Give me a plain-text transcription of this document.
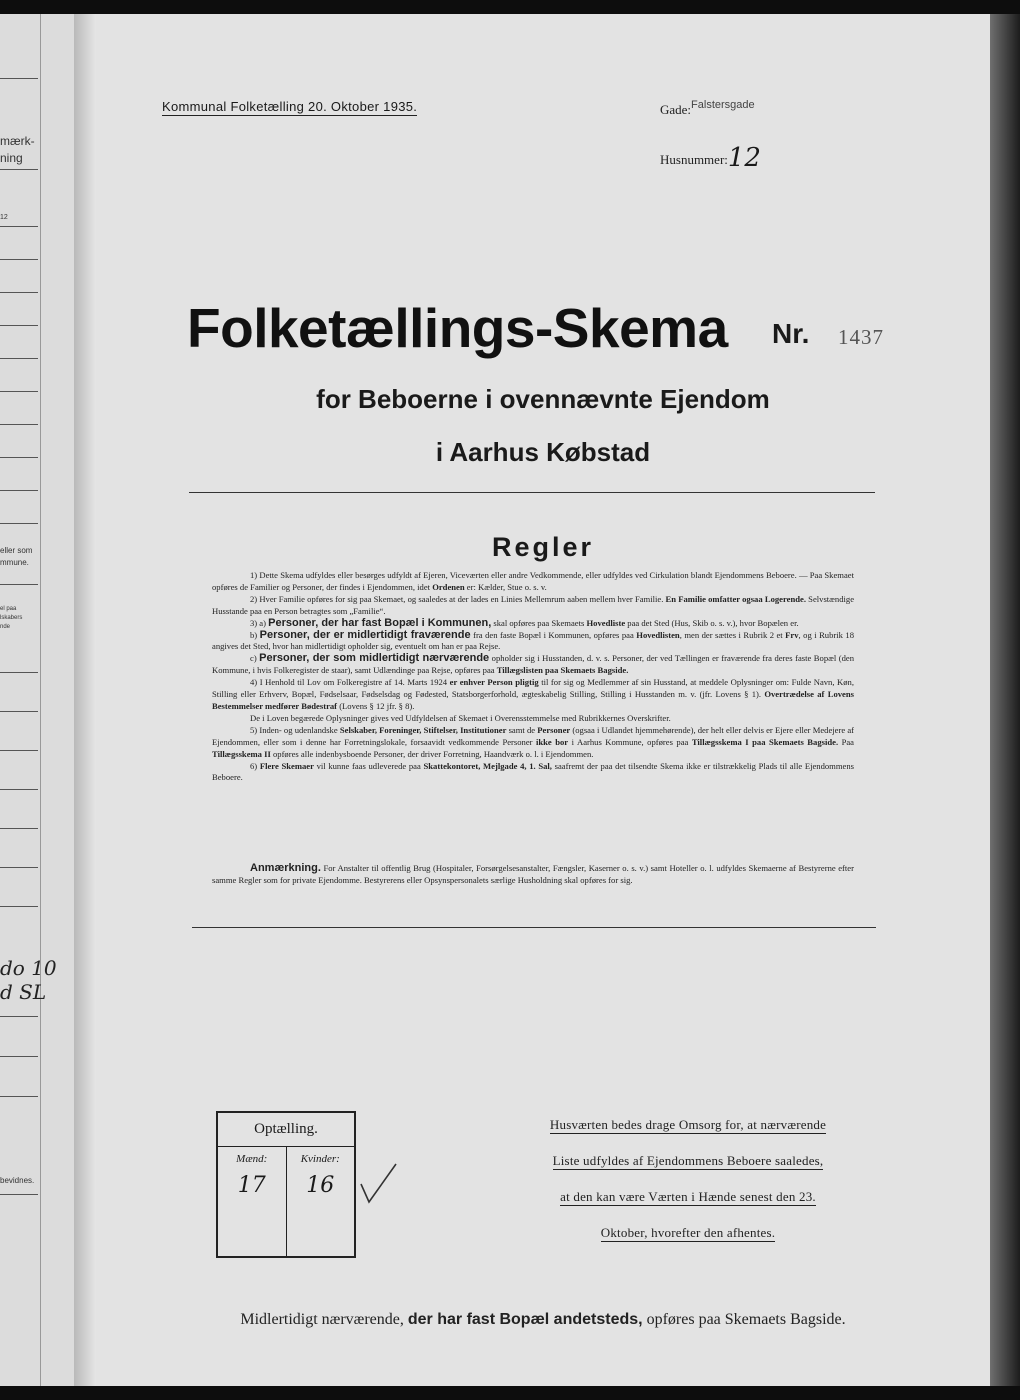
mærk-
ning
12
eller som
mmune.
el paa
lskabers
nde
do 10 d SL
bevidnes.
Kommunal Folketælling 20. Oktober 1935.	Gade:$^{Falstersgade}$
Husnummer:12
Folketællings-Skema Nr. 1437
for Beboerne i ovennævnte Ejendom
i Aarhus Købstad
Regler

1) Dette Skema udfyldes eller besørges udfyldt af Ejeren, Viceværten eller andre Vedkommende, eller udfyldes ved Cirkulation blandt Ejendommens Beboere. — Paa Skemaet opføres de Familier og Personer, der findes i Ejendommen, idet Ordenen er: Kælder, Stue o. s. v.

2) Hver Familie opføres for sig paa Skemaet, og saaledes at der lades en Linies Mellemrum aaben mellem hver Familie. En Familie omfatter ogsaa Logerende. Selvstændige Husstande paa en Person betragtes som „Familie“.

3) a) Personer, der har fast Bopæl i Kommunen, skal opføres paa Skemaets Hovedliste paa det Sted (Hus, Skib o. s. v.), hvor Bopælen er.

b) Personer, der er midlertidigt fraværende fra den faste Bopæl i Kommunen, opføres paa Hovedlisten, men der sættes i Rubrik 2 et Frv, og i Rubrik 18 angives det Sted, hvor han midlertidigt opholder sig, eventuelt om han er paa Rejse.

c) Personer, der som midlertidigt nærværende opholder sig i Husstanden, d. v. s. Personer, der ved Tællingen er fraværende fra deres faste Bopæl (den Kommune, i hvis Folkeregister de staar), samt Udlændinge paa Rejse, opføres paa Tillægslisten paa Skemaets Bagside.

4) I Henhold til Lov om Folkeregistre af 14. Marts 1924 er enhver Person pligtig til for sig og Medlemmer af sin Husstand, at meddele Oplysninger om: Fulde Navn, Køn, Stilling eller Erhverv, Bopæl, Fødselsaar, Fødselsdag og Fødested, Statsborgerforhold, ægteskabelig Stilling, Stilling i Husstanden m. v. (jfr. Lovens § 1). Overtrædelse af Lovens Bestemmelser medfører Bødestraf (Lovens § 12 jfr. § 8).

De i Loven begærede Oplysninger gives ved Udfyldelsen af Skemaet i Overensstemmelse med Rubrikkernes Overskrifter.

5) Inden- og udenlandske Selskaber, Foreninger, Stiftelser, Institutioner samt de Personer (ogsaa i Udlandet hjemmehørende), der helt eller delvis er Ejere eller Medejere af Ejendommen, eller som i denne har Forretningslokale, forsaavidt vedkommende Personer ikke bor i Aarhus Kommune, opføres paa Tillægsskema I paa Skemaets Bagside. Paa Tillægsskema II opføres alle indenbysboende Personer, der driver Forretning, Haandværk o. l. i Ejendommen.

6) Flere Skemaer vil kunne faas udleverede paa Skattekontoret, Mejlgade 4, 1. Sal, saafremt der paa det tilsendte Skema ikke er tilstrækkelig Plads til alle Ejendommens Beboere.

Anmærkning. For Anstalter til offentlig Brug (Hospitaler, Forsørgelsesanstalter, Fængsler, Kaserner o. s. v.) samt Hoteller o. l. udfyldes Skemaerne af Bestyrerne efter samme Regler som for private Ejendomme. Bestyrerens eller Opsynspersonalets særlige Husholdning skal opføres for sig.

Optælling.
Mænd:
17
Kvinder:
16
Husværten bedes drage Omsorg for, at nærværende
Liste udfyldes af Ejendommens Beboere saaledes,
at den kan være Værten i Hænde senest den 23.
Oktober, hvorefter den afhentes.
Midlertidigt nærværende, der har fast Bopæl andetsteds, opføres paa Skemaets Bagside.
